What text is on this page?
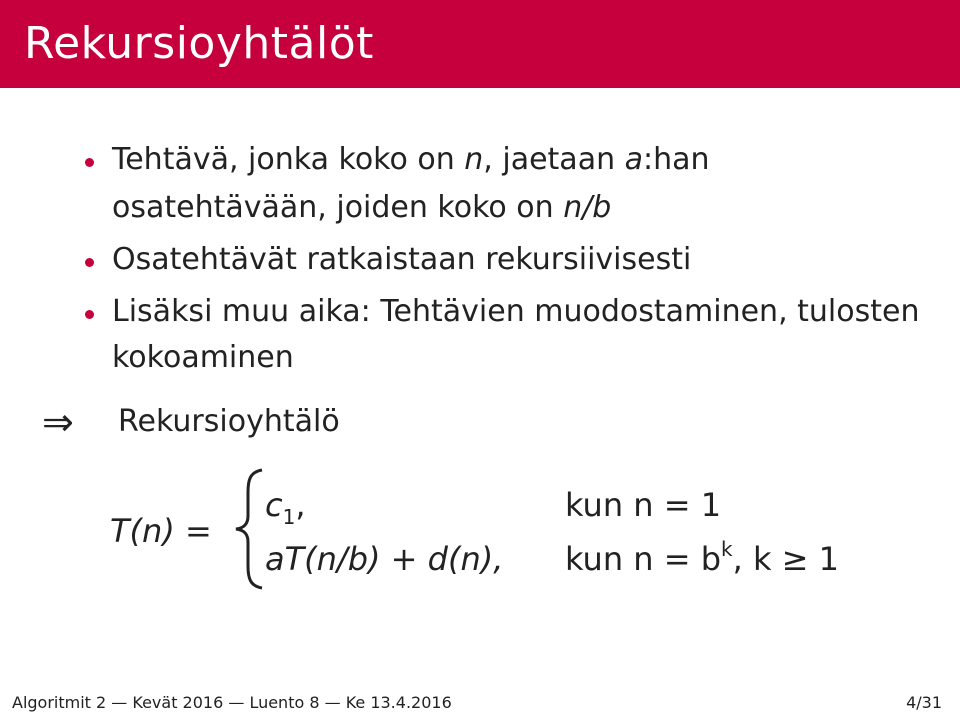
Rekursioyhtälöt
Tehtävä, jonka koko on n, jaetaan a:han
osatehtävään, joiden koko on n/b
Osatehtävät ratkaistaan rekursiivisesti
Lisäksi muu aika: Tehtävien muodostaminen, tulosten
kokoaminen
⇒ Rekursioyhtälö
T(n) =
$c_1$,	kun n = 1
aT(n/b) + d(n), kun $n = b^k$, k ≥ 1
Algoritmit 2 — Kevät 2016 — Luento 8 — Ke 13.4.2016	4/31
